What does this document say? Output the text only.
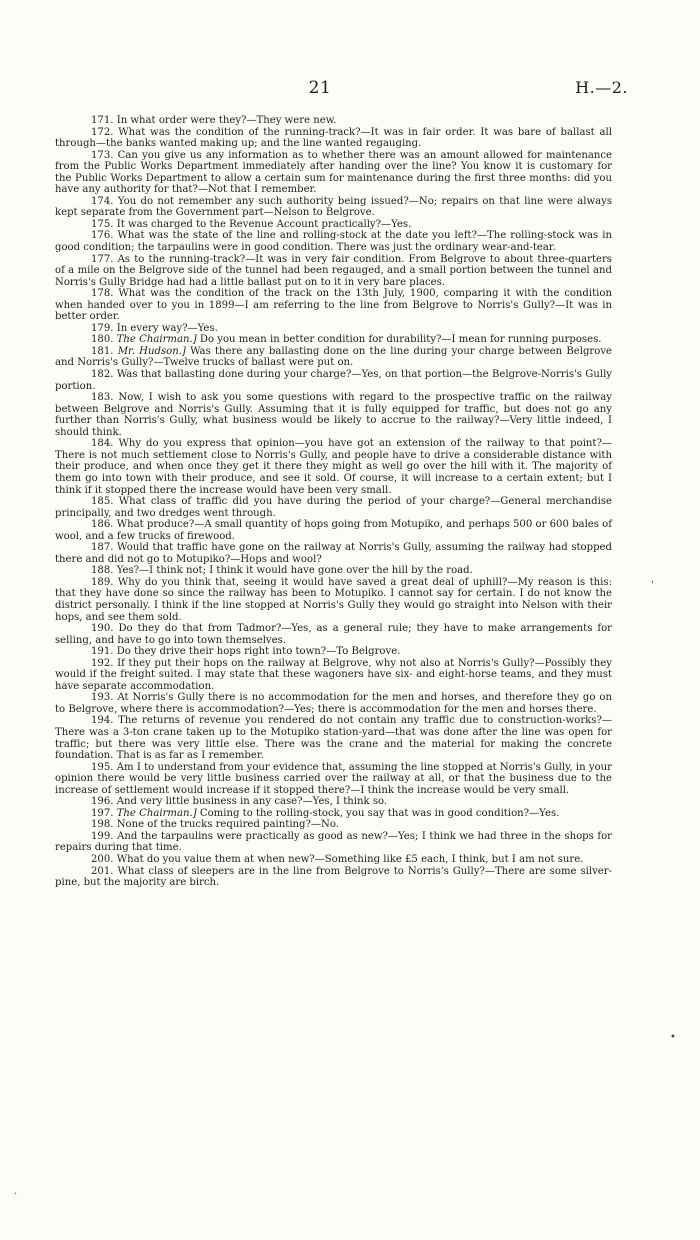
21	H.—2.

171. In what order were they?—They were new.

172. What was the condition of the running-track?—It was in fair order. It was bare of ballast all through—the banks wanted making up; and the line wanted regauging.

173. Can you give us any information as to whether there was an amount allowed for maintenance from the Public Works Department immediately after handing over the line? You know it is customary for the Public Works Department to allow a certain sum for maintenance during the first three months: did you have any authority for that?—Not that I remember.

174. You do not remember any such authority being issued?—No; repairs on that line were always kept separate from the Government part—Nelson to Belgrove.

175. It was charged to the Revenue Account practically?—Yes.

176. What was the state of the line and rolling-stock at the date you left?—The rolling-stock was in good condition; the tarpaulins were in good condition. There was just the ordinary wear-and-tear.

177. As to the running-track?—It was in very fair condition. From Belgrove to about three-quarters of a mile on the Belgrove side of the tunnel had been regauged, and a small portion between the tunnel and Norris's Gully Bridge had had a little ballast put on to it in very bare places.

178. What was the condition of the track on the 13th July, 1900, comparing it with the condition when handed over to you in 1899—I am referring to the line from Belgrove to Norris's Gully?—It was in better order.

179. In every way?—Yes.

180. The Chairman.] Do you mean in better condition for durability?—I mean for running purposes.

181. Mr. Hudson.] Was there any ballasting done on the line during your charge between Belgrove and Norris's Gully?—Twelve trucks of ballast were put on.

182. Was that ballasting done during your charge?—Yes, on that portion—the Belgrove-Norris's Gully portion.

183. Now, I wish to ask you some questions with regard to the prospective traffic on the railway between Belgrove and Norris's Gully. Assuming that it is fully equipped for traffic, but does not go any further than Norris's Gully, what business would be likely to accrue to the railway?—Very little indeed, I should think.

184. Why do you express that opinion—you have got an extension of the railway to that point?—There is not much settlement close to Norris's Gully, and people have to drive a considerable distance with their produce, and when once they get it there they might as well go over the hill with it. The majority of them go into town with their produce, and see it sold. Of course, it will increase to a certain extent; but I think if it stopped there the increase would have been very small.

185. What class of traffic did you have during the period of your charge?—General merchandise principally, and two dredges went through.

186. What produce?—A small quantity of hops going from Motupiko, and perhaps 500 or 600 bales of wool, and a few trucks of firewood.

187. Would that traffic have gone on the railway at Norris's Gully, assuming the railway had stopped there and did not go to Motupiko?—Hops and wool?

188. Yes?—I think not; I think it would have gone over the hill by the road.

189. Why do you think that, seeing it would have saved a great deal of uphill?—My reason is this: that they have done so since the railway has been to Motupiko. I cannot say for certain. I do not know the district personally. I think if the line stopped at Norris's Gully they would go straight into Nelson with their hops, and see them sold.

190. Do they do that from Tadmor?—Yes, as a general rule; they have to make arrangements for selling, and have to go into town themselves.

191. Do they drive their hops right into town?—To Belgrove.

192. If they put their hops on the railway at Belgrove, why not also at Norris's Gully?—Possibly they would if the freight suited. I may state that these wagoners have six- and eight-horse teams, and they must have separate accommodation.

193. At Norris's Gully there is no accommodation for the men and horses, and therefore they go on to Belgrove, where there is accommodation?—Yes; there is accommodation for the men and horses there.

194. The returns of revenue you rendered do not contain any traffic due to construction-works?—There was a 3-ton crane taken up to the Motupiko station-yard—that was done after the line was open for traffic; but there was very little else. There was the crane and the material for making the concrete foundation. That is as far as I remember.

195. Am I to understand from your evidence that, assuming the line stopped at Norris's Gully, in your opinion there would be very little business carried over the railway at all, or that the business due to the increase of settlement would increase if it stopped there?—I think the increase would be very small.

196. And very little business in any case?—Yes, I think so.

197. The Chairman.] Coming to the rolling-stock, you say that was in good condition?—Yes.

198. None of the trucks required painting?—No.

199. And the tarpaulins were practically as good as new?—Yes; I think we had three in the shops for repairs during that time.

200. What do you value them at when new?—Something like £5 each, I think, but I am not sure.

201. What class of sleepers are in the line from Belgrove to Norris's Gully?—There are some silver-pine, but the majority are birch.

'
•
.
